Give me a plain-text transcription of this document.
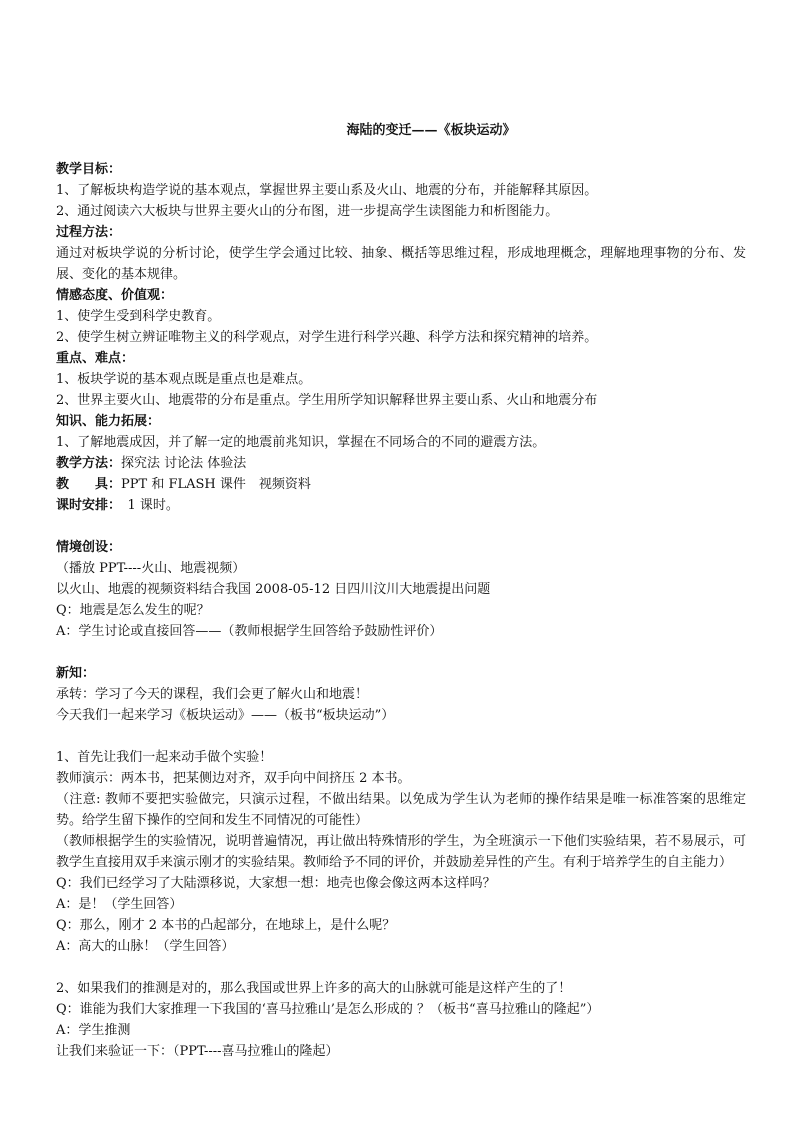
海陆的变迁——《板块运动》
教学目标：
1、了解板块构造学说的基本观点，掌握世界主要山系及火山、地震的分布，并能解释其原因。
2、通过阅读六大板块与世界主要火山的分布图，进一步提高学生读图能力和析图能力。
过程方法：
通过对板块学说的分析讨论，使学生学会通过比较、抽象、概括等思维过程，形成地理概念，理解地理事物的分布、发展、变化的基本规律。
情感态度、价值观：
1、使学生受到科学史教育。
2、使学生树立辨证唯物主义的科学观点，对学生进行科学兴趣、科学方法和探究精神的培养。
重点、难点：
1、板块学说的基本观点既是重点也是难点。
2、世界主要火山、地震带的分布是重点。学生用所学知识解释世界主要山系、火山和地震分布
知识、能力拓展：
1、了解地震成因，并了解一定的地震前兆知识，掌握在不同场合的不同的避震方法。
教学方法：探究法 讨论法 体验法
教　　具：PPT 和 FLASH 课件　视频资料
课时安排：　1 课时。
情境创设：
（播放 PPT----火山、地震视频）
以火山、地震的视频资料结合我国 2008-05-12 日四川汶川大地震提出问题
Q：地震是怎么发生的呢？
A：学生讨论或直接回答——（教师根据学生回答给予鼓励性评价）
新知：
承转：学习了今天的课程，我们会更了解火山和地震！
今天我们一起来学习《板块运动》——（板书“板块运动”）
1、首先让我们一起来动手做个实验！
教师演示：两本书，把某侧边对齐，双手向中间挤压 2 本书。
（注意: 教师不要把实验做完，只演示过程，不做出结果。以免成为学生认为老师的操作结果是唯一标准答案的思维定势。给学生留下操作的空间和发生不同情况的可能性）
（教师根据学生的实验情况，说明普遍情况，再让做出特殊情形的学生，为全班演示一下他们实验结果，若不易展示，可教学生直接用双手来演示刚才的实验结果。教师给予不同的评价，并鼓励差异性的产生。有利于培养学生的自主能力）
Q：我们已经学习了大陆漂移说，大家想一想：地壳也像会像这两本这样吗？
A：是！（学生回答）
Q：那么，刚才 2 本书的凸起部分，在地球上，是什么呢？
A：高大的山脉！（学生回答）
2、如果我们的推测是对的，那么我国或世界上许多的高大的山脉就可能是这样产生的了！
Q：谁能为我们大家推理一下我国的‘喜马拉雅山’是怎么形成的 ？（板书“喜马拉雅山的隆起”）
A：学生推测
让我们来验证一下：（PPT----喜马拉雅山的隆起）
